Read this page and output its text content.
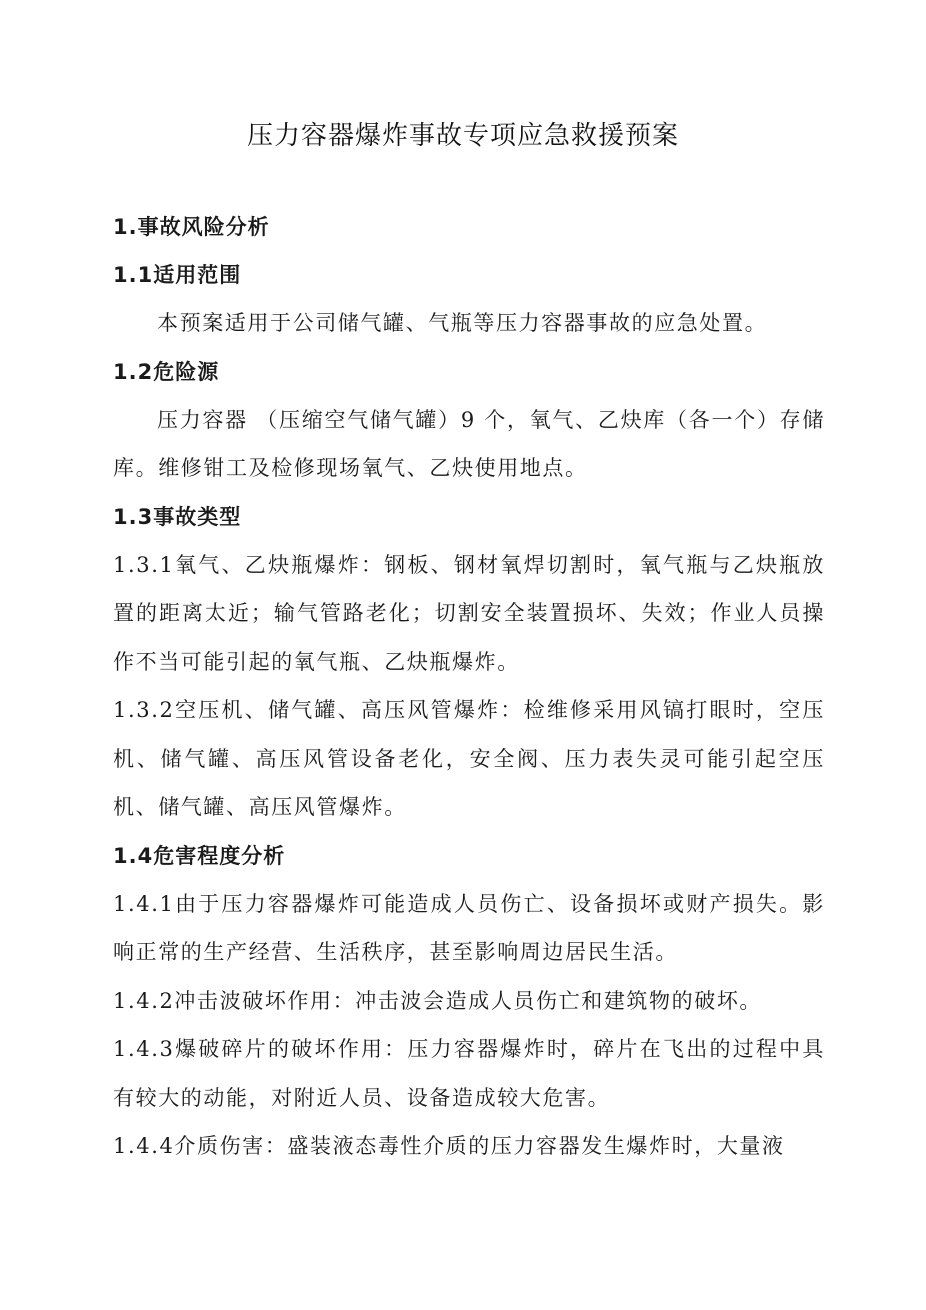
压力容器爆炸事故专项应急救援预案
1.事故风险分析
1.1适用范围
本预案适用于公司储气罐、气瓶等压力容器事故的应急处置。
1.2危险源
压力容器 （压缩空气储气罐）9 个，氧气、乙炔库（各一个）存储库。维修钳工及检修现场氧气、乙炔使用地点。
1.3事故类型
1.3.1氧气、乙炔瓶爆炸：钢板、钢材氧焊切割时，氧气瓶与乙炔瓶放置的距离太近；输气管路老化；切割安全装置损坏、失效；作业人员操作不当可能引起的氧气瓶、乙炔瓶爆炸。
1.3.2空压机、储气罐、高压风管爆炸：检维修采用风镐打眼时，空压机、储气罐、高压风管设备老化，安全阀、压力表失灵可能引起空压机、储气罐、高压风管爆炸。
1.4危害程度分析
1.4.1由于压力容器爆炸可能造成人员伤亡、设备损坏或财产损失。影响正常的生产经营、生活秩序，甚至影响周边居民生活。
1.4.2冲击波破坏作用：冲击波会造成人员伤亡和建筑物的破坏。
1.4.3爆破碎片的破坏作用：压力容器爆炸时，碎片在飞出的过程中具有较大的动能，对附近人员、设备造成较大危害。
1.4.4介质伤害：盛装液态毒性介质的压力容器发生爆炸时，大量液
